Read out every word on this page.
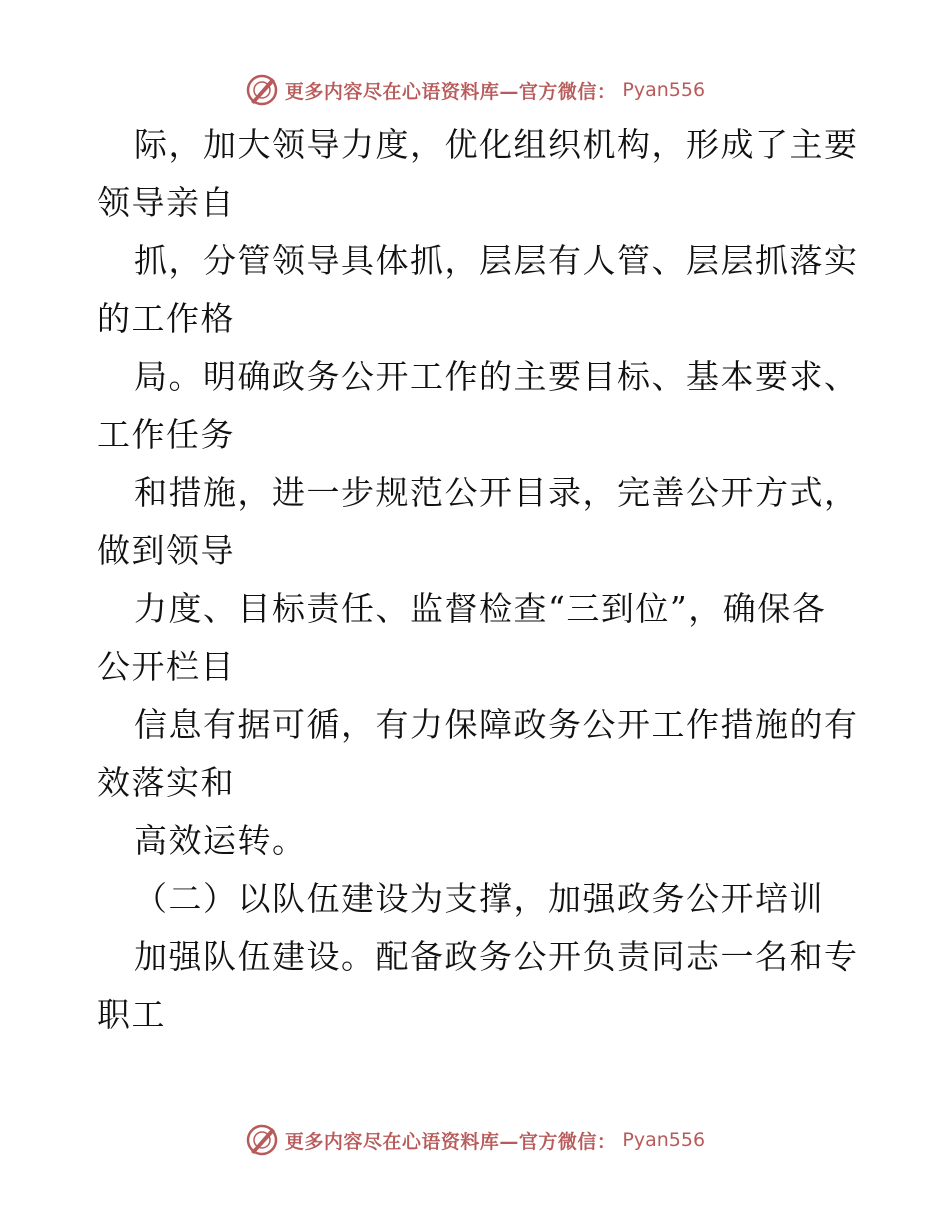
更多内容尽在心语资料库—官方微信： Pyan556
际，加大领导力度，优化组织机构，形成了主要
领导亲自
抓，分管领导具体抓，层层有人管、层层抓落实
的工作格
局。明确政务公开工作的主要目标、基本要求、
工作任务
和措施，进一步规范公开目录，完善公开方式，
做到领导
力度、目标责任、监督检查“三到位”，确保各
公开栏目
信息有据可循，有力保障政务公开工作措施的有
效落实和
高效运转。
（二）以队伍建设为支撑，加强政务公开培训
加强队伍建设。配备政务公开负责同志一名和专
职工
更多内容尽在心语资料库—官方微信： Pyan556
